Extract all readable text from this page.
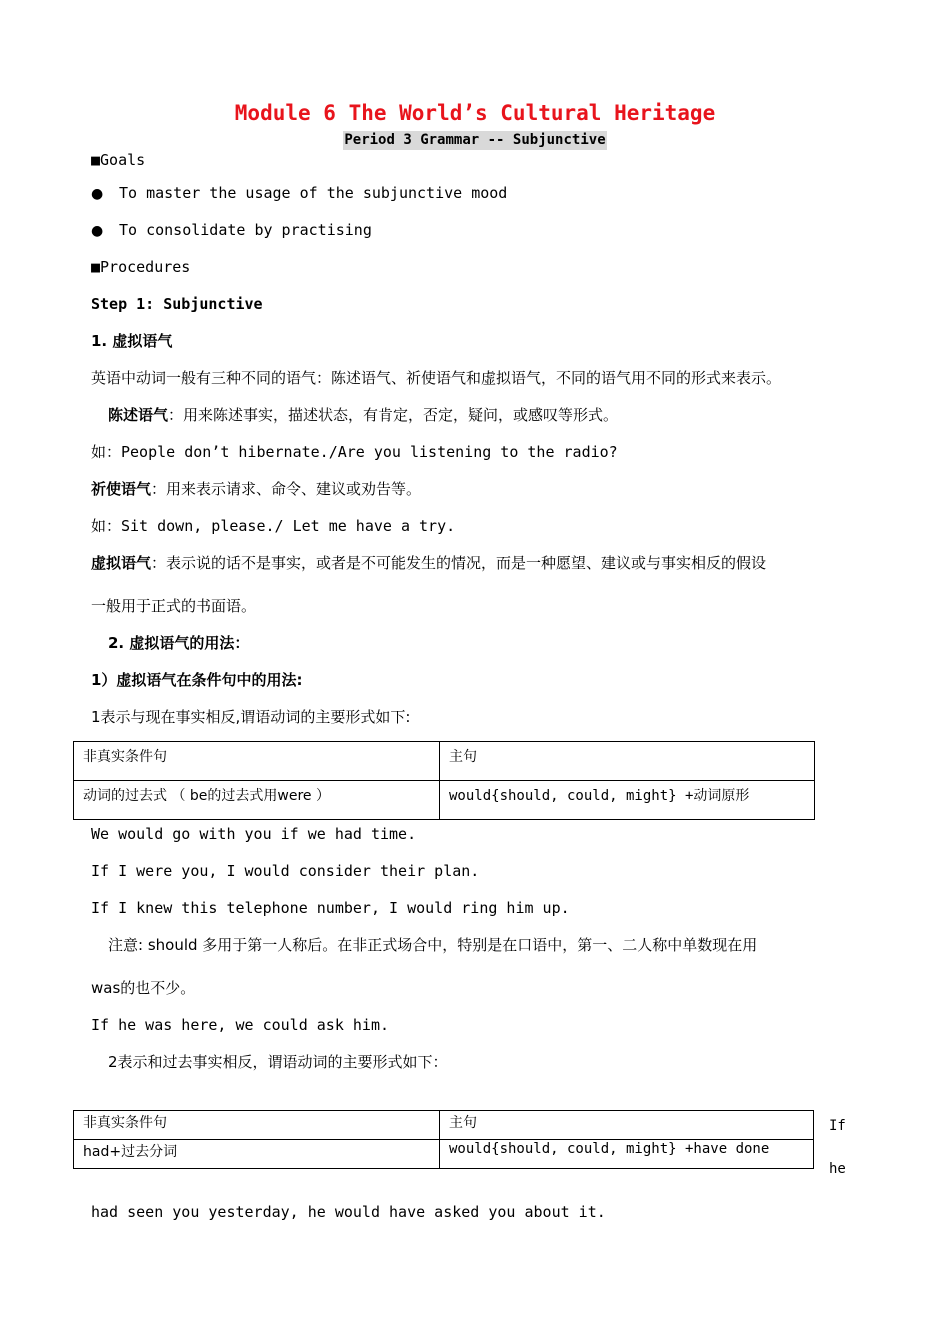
Module 6 The World’s Cultural Heritage
Period 3 Grammar -- Subjunctive
■Goals
● To master the usage of the subjunctive mood
● To consolidate by practising
■Procedures
Step 1: Subjunctive
1. 虚拟语气
英语中动词一般有三种不同的语气：陈述语气、祈使语气和虚拟语气，不同的语气用不同的形式来表示。
陈述语气：用来陈述事实，描述状态，有肯定，否定，疑问，或感叹等形式。
如：People don’t hibernate./Are you listening to the radio?
祈使语气：用来表示请求、命令、建议或劝告等。
如：Sit down, please./ Let me have a try.
虚拟语气：表示说的话不是事实，或者是不可能发生的情况，而是一种愿望、建议或与事实相反的假设
一般用于正式的书面语。
2. 虚拟语气的用法：
1）虚拟语气在条件句中的用法:
1表示与现在事实相反,谓语动词的主要形式如下:
非真实条件句	主句
动词的过去式 （ be的过去式用were ）	would{should, could, might} +动词原形
We would go with you if we had time.
If I were you, I would consider their plan.
If I knew this telephone number, I would ring him up.
注意: should 多用于第一人称后。在非正式场合中，特别是在口语中，第一、二人称中单数现在用
was的也不少。
If he was here, we could ask him.
2表示和过去事实相反，谓语动词的主要形式如下：
非真实条件句	主句
had+过去分词	would{should, could, might} +have done
If
he
had seen you yesterday, he would have asked you about it.
